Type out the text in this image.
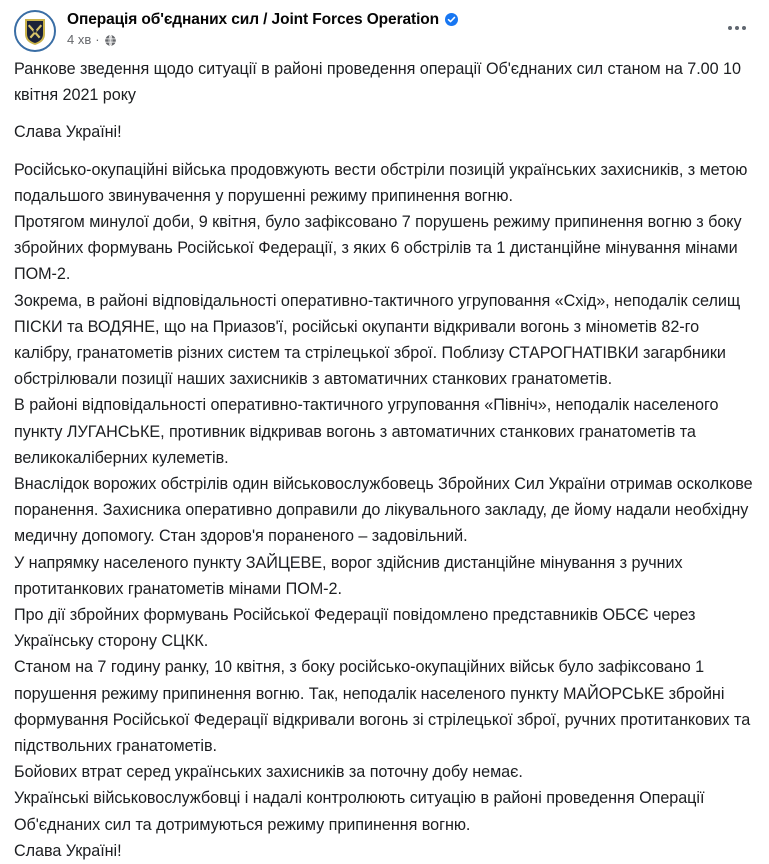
Операція об'єднаних сил / Joint Forces Operation
4 хв ·

Ранкове зведення щодо ситуації в районі проведення операції Об'єднаних сил станом на 7.00 10 квітня 2021 року

Слава Україні!

Російсько-окупаційні війська продовжують вести обстріли позицій українських захисників, з метою подальшого звинувачення у порушенні режиму припинення вогню.

Протягом минулої доби, 9 квітня, було зафіксовано 7 порушень режиму припинення вогню з боку збройних формувань Російської Федерації, з яких 6 обстрілів та 1 дистанційне мінування мінами ПОМ-2.

Зокрема, в районі відповідальності оперативно-тактичного угруповання «Схід», неподалік селищ ПІСКИ та ВОДЯНЕ, що на Приазов'ї, російські окупанти відкривали вогонь з мінометів 82-го калібру, гранатометів різних систем та стрілецької зброї. Поблизу СТАРОГНАТІВКИ загарбники обстрілювали позиції наших захисників з автоматичних станкових гранатометів.

В районі відповідальності оперативно-тактичного угруповання «Північ», неподалік населеного пункту ЛУГАНСЬКЕ, противник відкривав вогонь з автоматичних станкових гранатометів та великокаліберних кулеметів.

Внаслідок ворожих обстрілів один військовослужбовець Збройних Сил України отримав осколкове поранення. Захисника оперативно доправили до лікувального закладу, де йому надали необхідну медичну допомогу. Стан здоров'я пораненого – задовільний.

У напрямку населеного пункту ЗАЙЦЕВЕ, ворог здійснив дистанційне мінування з ручних протитанкових гранатометів мінами ПОМ-2.

Про дії збройних формувань Російської Федерації повідомлено представників ОБСЄ через Українську сторону СЦКК.

Станом на 7 годину ранку, 10 квітня, з боку російсько-окупаційних військ було зафіксовано 1 порушення режиму припинення вогню. Так, неподалік населеного пункту МАЙОРСЬКЕ збройні формування Російської Федерації відкривали вогонь зі стрілецької зброї, ручних протитанкових та підствольних гранатометів.

Бойових втрат серед українських захисників за поточну добу немає.

Українські військовослужбовці і надалі контролюють ситуацію в районі проведення Операції Об'єднаних сил та дотримуються режиму припинення вогню.

Слава Україні!
